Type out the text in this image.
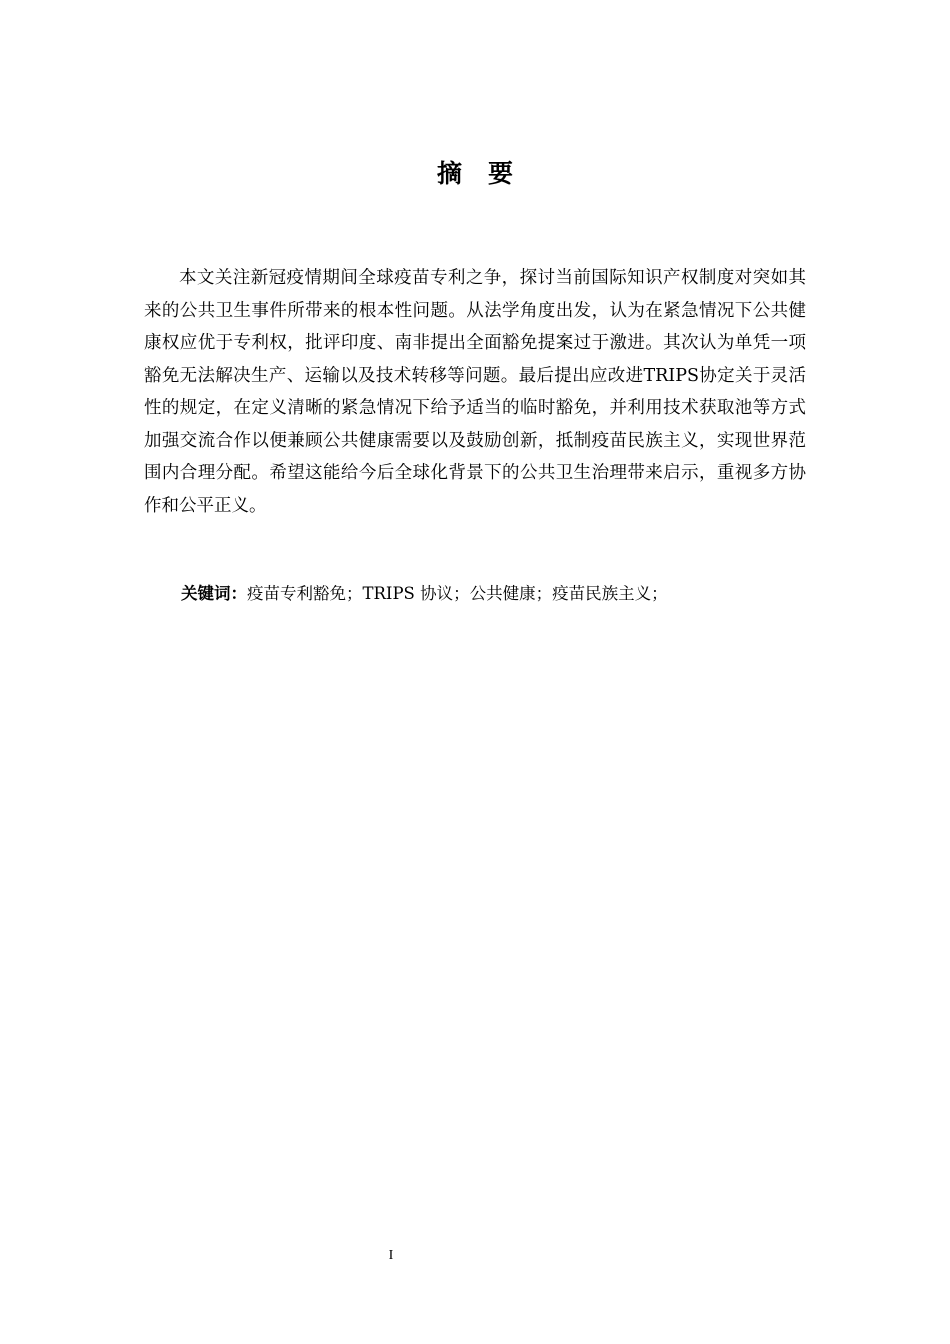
摘要

本文关注新冠疫情期间全球疫苗专利之争，探讨当前国际知识产权制度对突如其来的公共卫生事件所带来的根本性问题。从法学角度出发，认为在紧急情况下公共健康权应优于专利权，批评印度、南非提出全面豁免提案过于激进。其次认为单凭一项豁免无法解决生产、运输以及技术转移等问题。最后提出应改进TRIPS协定关于灵活性的规定，在定义清晰的紧急情况下给予适当的临时豁免，并利用技术获取池等方式加强交流合作以便兼顾公共健康需要以及鼓励创新，抵制疫苗民族主义，实现世界范围内合理分配。希望这能给今后全球化背景下的公共卫生治理带来启示，重视多方协作和公平正义。

关键词：疫苗专利豁免；TRIPS 协议；公共健康；疫苗民族主义；
I
